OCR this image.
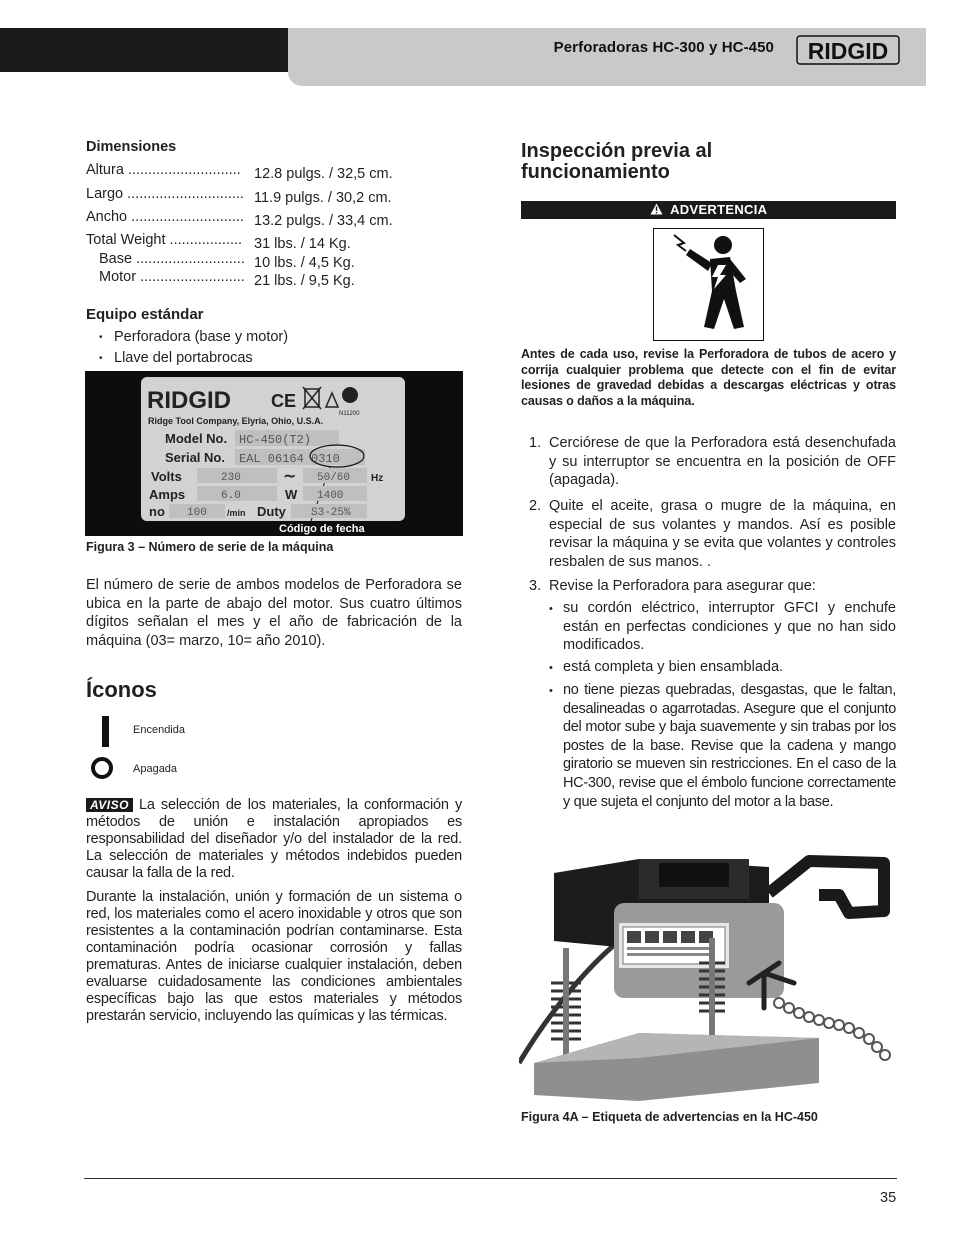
Perforadoras HC-300 y HC-450 RIDGID
Dimensiones
Altura ............................ 12.8 pulgs. / 32,5 cm.
Largo ............................. 11.9 pulgs. / 30,2 cm.
Ancho ............................ 13.2 pulgs. / 33,4 cm.
Total Weight .................. 31 lbs. / 14 Kg.
Base ........................... 10 lbs. / 4,5 Kg.
Motor .......................... 21 lbs. / 9,5 Kg.
Equipo estándar
• Perforadora (base y motor)
• Llave del portabrocas
RIDGID CE
N11200
Ridge Tool Company, Elyria, Ohio, U.S.A.
Model No. HC-450(T2)
Serial No. EAL 06164 0310
Volts	230	~ 50/60 Hz
Amps	6.0	W 1400
no 100 /min Duty S3-25%
Código de fecha
Figura 3 – Número de serie de la máquina
El número de serie de ambos modelos de Perforadora se ubica en la parte de abajo del motor. Sus cuatro últimos dígitos señalan el mes y el año de fabricación de la máquina (03= marzo, 10= año 2010).
Íconos
Encendida
Apagada
AVISO La selección de los materiales, la conformación y métodos de unión e instalación apropiados es responsabilidad del diseñador y/o del instalador de la red. La selección de materiales y métodos indebidos pueden causar la falla de la red.
Durante la instalación, unión y formación de un sistema o red, los materiales como el acero inoxidable y otros que son resistentes a la contaminación podrían contaminarse. Esta contaminación podría ocasionar corrosión y fallas prematuras. Antes de iniciarse cualquier instalación, deben evaluarse cuidadosamente las condiciones ambientales específicas bajo las que estos materiales y métodos prestarán servicio, incluyendo las químicas y las térmicas.
Inspección previa al funcionamiento
ADVERTENCIA
Antes de cada uso, revise la Perforadora de tubos de acero y corrija cualquier problema que detecte con el fin de evitar lesiones de gravedad debidas a descargas eléctricas y otras causas o daños a la máquina.
1. Cerciórese de que la Perforadora está desenchufada y su interruptor se encuentra en la posición de OFF (apagada).
2. Quite el aceite, grasa o mugre de la máquina, en especial de sus volantes y mandos. Así es posible revisar la máquina y se evita que volantes y controles resbalen de sus manos. .
3. Revise la Perforadora para asegurar que:
• su cordón eléctrico, interruptor GFCI y enchufe están en perfectas condiciones y que no han sido modificados.
• está completa y bien ensamblada.
• no tiene piezas quebradas, desgastas, que le faltan, desalineadas o agarrotadas. Asegure que el conjunto del motor sube y baja suavemente y sin trabas por los postes de la base. Revise que la cadena y mango giratorio se mueven sin restricciones. En el caso de la HC-300, revise que el émbolo funcione correctamente y que sujeta el conjunto del motor a la base.
Figura 4A – Etiqueta de advertencias en la HC-450
35
